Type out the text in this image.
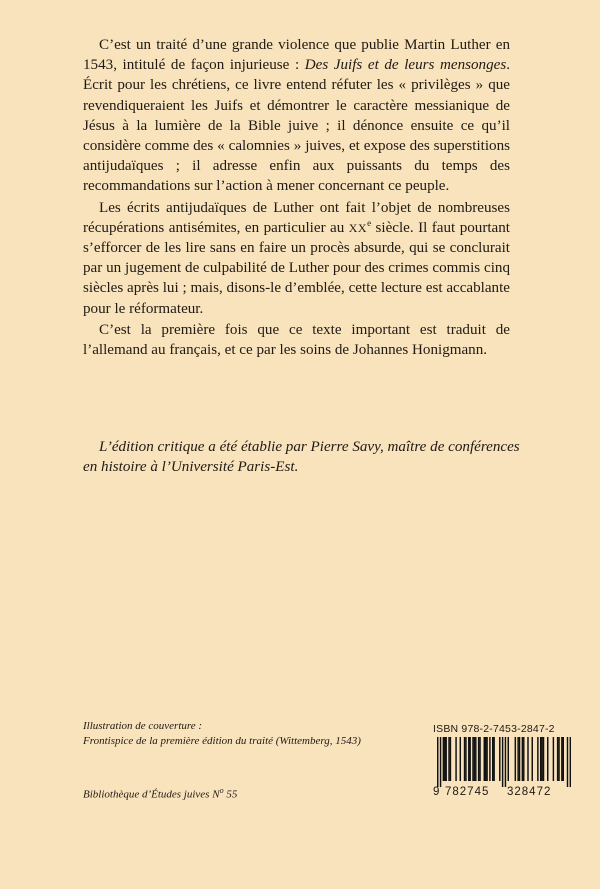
C’est un traité d’une grande violence que publie Martin Luther en 1543, intitulé de façon injurieuse : Des Juifs et de leurs mensonges. Écrit pour les chrétiens, ce livre entend réfuter les « privilèges » que revendiqueraient les Juifs et démontrer le caractère messianique de Jésus à la lumière de la Bible juive ; il dénonce ensuite ce qu’il considère comme des « calomnies » juives, et expose des superstitions antijudaïques ; il adresse enfin aux puissants du temps des recommandations sur l’action à mener concernant ce peuple.

Les écrits antijudaïques de Luther ont fait l’objet de nombreuses récupérations antisémites, en particulier au XXe siècle. Il faut pourtant s’efforcer de les lire sans en faire un procès absurde, qui se conclurait par un jugement de culpabilité de Luther pour des crimes commis cinq siècles après lui ; mais, disons-le d’emblée, cette lecture est accablante pour le réformateur.

C’est la première fois que ce texte important est traduit de l’allemand au français, et ce par les soins de Johannes Honigmann.

L’édition critique a été établie par Pierre Savy, maître de conférences en histoire à l’Université Paris-Est.
Illustration de couverture :
Frontispice de la première édition du traité (Wittemberg, 1543)
Bibliothèque d’Études juives $N^o$ 55
ISBN 978-2-7453-2847-2
9 782745 328472
